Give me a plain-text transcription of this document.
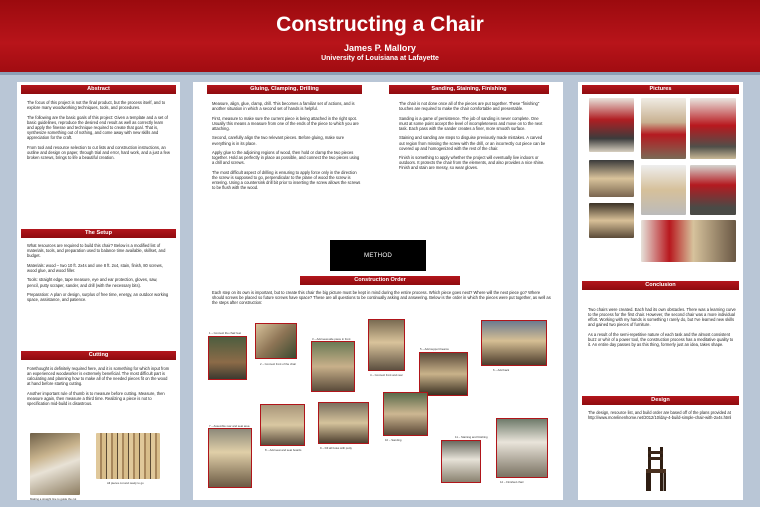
Constructing a Chair
James P. Mallory
University of Louisiana at Lafayette
Abstract

The focus of this project is not the final product, but the process itself, and to explore many woodworking techniques, tools, and procedures.

The following are the basic goals of this project: Given a template and a set of basic guidelines, reproduce the desired end result as well as correctly learn and apply the finesse and technique required to create that goal. That is, synthesize something out of nothing, and come away with new skills and appreciation for the craft.

From tool and resource selection to cut lists and construction instructions, an outline and design on paper, through trial and error, hard work, and a just a few broken screws, brings to life a beautiful creation.

The Setup

What resources are required to build this chair? Below is a modified list of materials, tools, and preparation used to balance time available, skillset, and budget.

Materials: wood – two 10 ft. 2x4s and one 8 ft. 2x4, stain, finish, 80 screws, wood glue, and wood filler.

Tools: straight edge, tape measure, eye and ear protection, gloves, saw, pencil, putty scraper, sander, and drill (with the necessary bits).

Preparation: A plan or design, surplus of free time, energy, an outdoor working space, assistance, and patience.

Cutting

Forethought is definitely required here, and it is something for which input from an experienced woodworker is extremely beneficial. The most difficult part is calculating and planning how to make all of the needed pieces fit on the wood at hand before starting cutting.

Another important rule of thumb is to measure before cutting. Measure, then measure again, then measure a third time. Realizing a piece is not to specification mid-build is disastrous.

Making a straight line to guide the cut
All pieces cut and ready to go
Gluing, Clamping, Drilling

Measure, align, glue, clamp, drill. This becomes a familiar set of actions, and is another situation in which a second set of hands is helpful.

First, measure to make sure the current piece is being attached in the right spot. Usually this means a measure from one of the ends of the piece to which you are attaching.

Second, carefully align the two relevant pieces. Before gluing, make sure everything is in its place.

Apply glue to the adjoining regions of wood, then hold or clamp the two pieces together. Hold as perfectly in place as possible, and connect the two pieces using a drill and screws.

The most difficult aspect of drilling is ensuring to apply force only in the direction the screw is supposed to go, perpendicular to the plane of wood the screw is entering. Using a countersink drill bit prior to inserting the screw allows the screws to be flush with the wood.

Sanding, Staining, Finishing

The chair is not done once all of the pieces are put together. These "finishing" touches are required to make the chair comfortable and presentable.

Sanding is a game of persistence. The job of sanding is never complete. One must at some point accept the level of incompleteness and move on to the next task. Each pass with the sander creates a finer, more smooth surface.

Staining and sanding are steps to disguise previously made mistakes. A carved out region from missing the screw with the drill, or an incorrectly cut piece can be covered up and homogenized with the rest of the chair.

Finish is something to apply whether the project will eventually live indoors or outdoors. It protects the chair from the elements, and also provides a nice shine. Finish and stain are messy, so wear gloves.

METHOD
Construction Order
Each step on its own is important, but to create this chair the big picture must be kept in mind during the entire process. Which piece goes next? Where will the next piece go? Where should screws be placed so future screws have space? These are all questions to be continually asking and answering. Below is the order in which the pieces were put together, as well as the steps after construction:
1 – Connect the chair feet
2 – Connect front of the chair
3 – Add seat-side piece in front
4 – Connect front and rear
5 – Add support beams
6 – Add back
7 – Assemble rear and seat area
8 – Add seat and seat boards	9 – Fill all holes with putty
10 – Sanding
11 – Staining and finishing
12 – Finished chair
Pictures
Conclusion

Two chairs were created. Each had its own obstacles. There was a learning curve to the process for the first chair. However, the second chair was a more individual effort. Working with my hands is something I rarely do, but I've learned new skills and gained two pieces of furniture.

As a result of the semi-repetitive nature of each task and the almost consistent buzz or whir of a power tool, the construction process has a meditative quality to it. An entire day passes by as this thing, formerly just an idea, takes shape.

Design
The design, resource list, and build order are based off of the plans provided at http://www.morelinenhome.net/2012/10/day-4-build-simple-chair-with-2x4s.html
